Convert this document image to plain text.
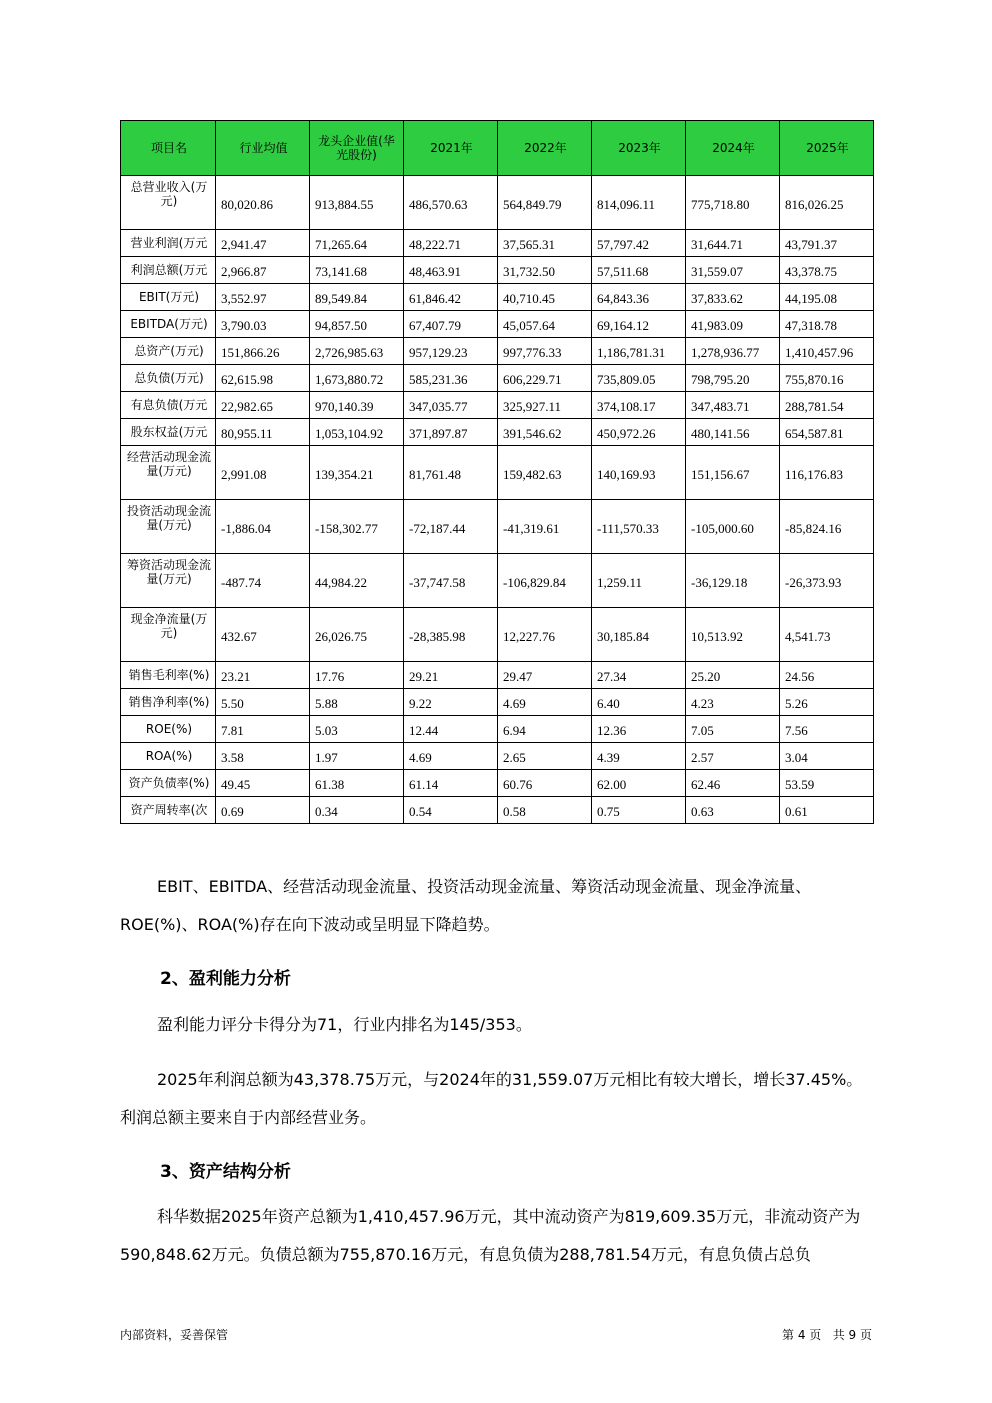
项目名	行业均值	龙头企业值(华光股份)	2021年	2022年	2023年	2024年	2025年
总营业收入(万元)	80,020.86	913,884.55	486,570.63	564,849.79	814,096.11	775,718.80	816,026.25
营业利润(万元	2,941.47	71,265.64	48,222.71	37,565.31	57,797.42	31,644.71	43,791.37
利润总额(万元	2,966.87	73,141.68	48,463.91	31,732.50	57,511.68	31,559.07	43,378.75
EBIT(万元)	3,552.97	89,549.84	61,846.42	40,710.45	64,843.36	37,833.62	44,195.08
EBITDA(万元)	3,790.03	94,857.50	67,407.79	45,057.64	69,164.12	41,983.09	47,318.78
总资产(万元)	151,866.26	2,726,985.63	957,129.23	997,776.33	1,186,781.31	1,278,936.77	1,410,457.96
总负债(万元)	62,615.98	1,673,880.72	585,231.36	606,229.71	735,809.05	798,795.20	755,870.16
有息负债(万元	22,982.65	970,140.39	347,035.77	325,927.11	374,108.17	347,483.71	288,781.54
股东权益(万元	80,955.11	1,053,104.92	371,897.87	391,546.62	450,972.26	480,141.56	654,587.81
经营活动现金流量(万元)	2,991.08	139,354.21	81,761.48	159,482.63	140,169.93	151,156.67	116,176.83
投资活动现金流量(万元)	-1,886.04	-158,302.77	-72,187.44	-41,319.61	-111,570.33	-105,000.60	-85,824.16
筹资活动现金流量(万元)	-487.74	44,984.22	-37,747.58	-106,829.84	1,259.11	-36,129.18	-26,373.93
现金净流量(万元)	432.67	26,026.75	-28,385.98	12,227.76	30,185.84	10,513.92	4,541.73
销售毛利率(%)	23.21	17.76	29.21	29.47	27.34	25.20	24.56
销售净利率(%)	5.50	5.88	9.22	4.69	6.40	4.23	5.26
ROE(%)	7.81	5.03	12.44	6.94	12.36	7.05	7.56
ROA(%)	3.58	1.97	4.69	2.65	4.39	2.57	3.04
资产负债率(%)	49.45	61.38	61.14	60.76	62.00	62.46	53.59
资产周转率(次	0.69	0.34	0.54	0.58	0.75	0.63	0.61
EBIT、EBITDA、经营活动现金流量、投资活动现金流量、筹资活动现金流量、现金净流量、ROE(%)、ROA(%)存在向下波动或呈明显下降趋势。
2、盈利能力分析
盈利能力评分卡得分为71，行业内排名为145/353。
2025年利润总额为43,378.75万元，与2024年的31,559.07万元相比有较大增长，增长37.45%。利润总额主要来自于内部经营业务。
3、资产结构分析
科华数据2025年资产总额为1,410,457.96万元，其中流动资产为819,609.35万元，非流动资产为590,848.62万元。负债总额为755,870.16万元，有息负债为288,781.54万元，有息负债占总负
内部资料，妥善保管	第 4 页   共 9 页
